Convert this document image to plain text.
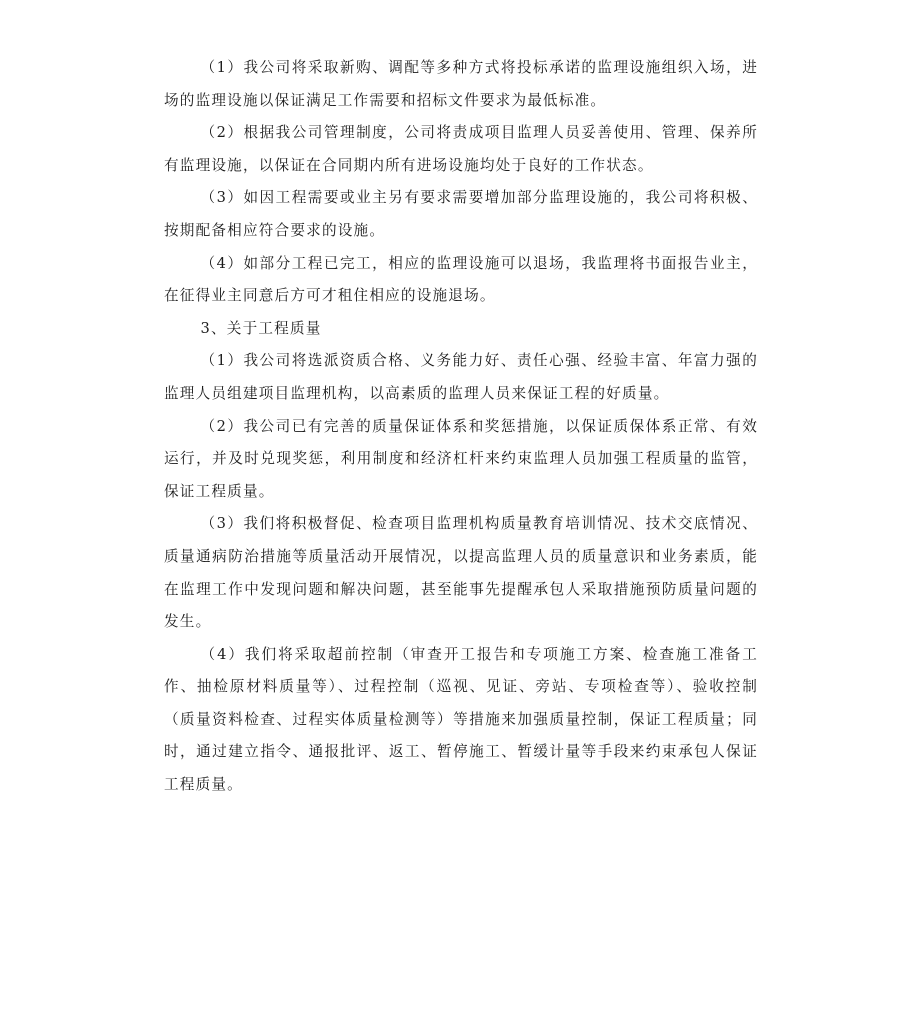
（1）我公司将采取新购、调配等多种方式将投标承诺的监理设施组织入场，进场的监理设施以保证满足工作需要和招标文件要求为最低标准。

（2）根据我公司管理制度，公司将责成项目监理人员妥善使用、管理、保养所有监理设施，以保证在合同期内所有进场设施均处于良好的工作状态。

（3）如因工程需要或业主另有要求需要增加部分监理设施的，我公司将积极、按期配备相应符合要求的设施。

（4）如部分工程已完工，相应的监理设施可以退场，我监理将书面报告业主，在征得业主同意后方可才租住相应的设施退场。

3、关于工程质量

（1）我公司将选派资质合格、义务能力好、责任心强、经验丰富、年富力强的监理人员组建项目监理机构，以高素质的监理人员来保证工程的好质量。

（2）我公司已有完善的质量保证体系和奖惩措施，以保证质保体系正常、有效运行，并及时兑现奖惩，利用制度和经济杠杆来约束监理人员加强工程质量的监管，保证工程质量。

（3）我们将积极督促、检查项目监理机构质量教育培训情况、技术交底情况、质量通病防治措施等质量活动开展情况，以提高监理人员的质量意识和业务素质，能在监理工作中发现问题和解决问题，甚至能事先提醒承包人采取措施预防质量问题的发生。

（4）我们将采取超前控制（审查开工报告和专项施工方案、检查施工准备工作、抽检原材料质量等）、过程控制（巡视、见证、旁站、专项检查等）、验收控制（质量资料检查、过程实体质量检测等）等措施来加强质量控制，保证工程质量；同时，通过建立指令、通报批评、返工、暂停施工、暂缓计量等手段来约束承包人保证工程质量。
